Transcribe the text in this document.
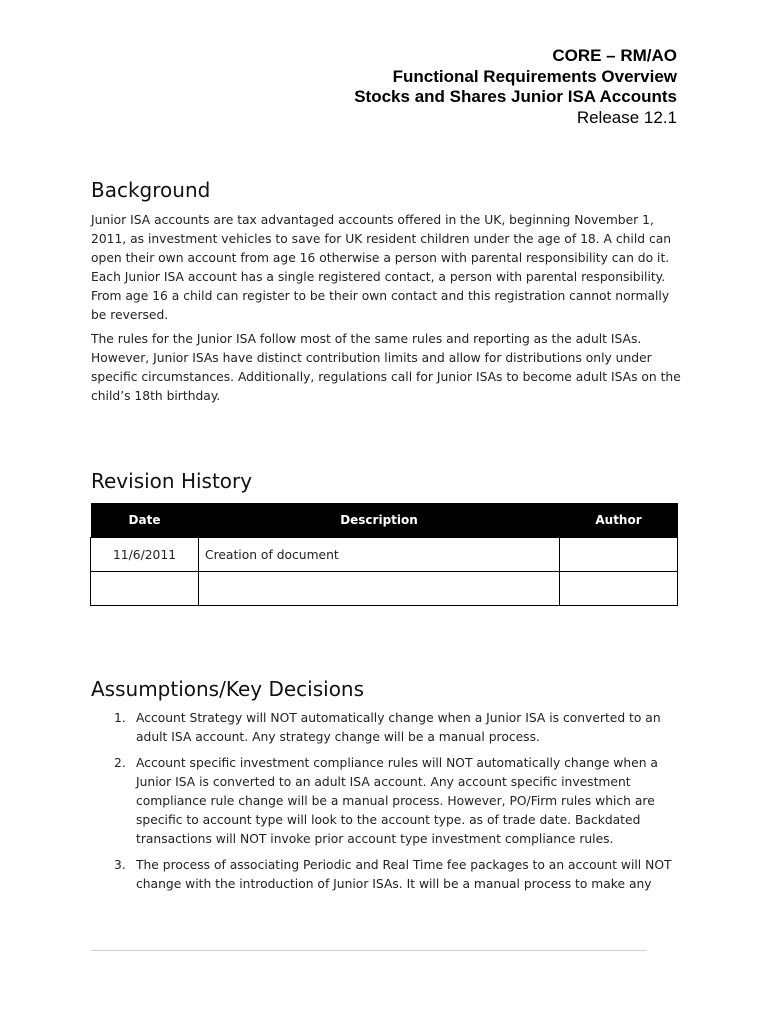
CORE – RM/AO
Functional Requirements Overview
Stocks and Shares Junior ISA Accounts
Release 12.1
Background

Junior ISA accounts are tax advantaged accounts offered in the UK, beginning November 1, 2011, as investment vehicles to save for UK resident children under the age of 18. A child can open their own account from age 16 otherwise a person with parental responsibility can do it. Each Junior ISA account has a single registered contact, a person with parental responsibility. From age 16 a child can register to be their own contact and this registration cannot normally be reversed.

The rules for the Junior ISA follow most of the same rules and reporting as the adult ISAs. However, Junior ISAs have distinct contribution limits and allow for distributions only under specific circumstances. Additionally, regulations call for Junior ISAs to become adult ISAs on the child’s 18th birthday.

Revision History
Date	Description	Author
11/6/2011	Creation of document	

Assumptions/Key Decisions
1. Account Strategy will NOT automatically change when a Junior ISA is converted to an adult ISA account. Any strategy change will be a manual process.
2. Account specific investment compliance rules will NOT automatically change when a Junior ISA is converted to an adult ISA account. Any account specific investment compliance rule change will be a manual process. However, PO/Firm rules which are specific to account type will look to the account type. as of trade date. Backdated transactions will NOT invoke prior account type investment compliance rules.
3. The process of associating Periodic and Real Time fee packages to an account will NOT change with the introduction of Junior ISAs. It will be a manual process to make any
